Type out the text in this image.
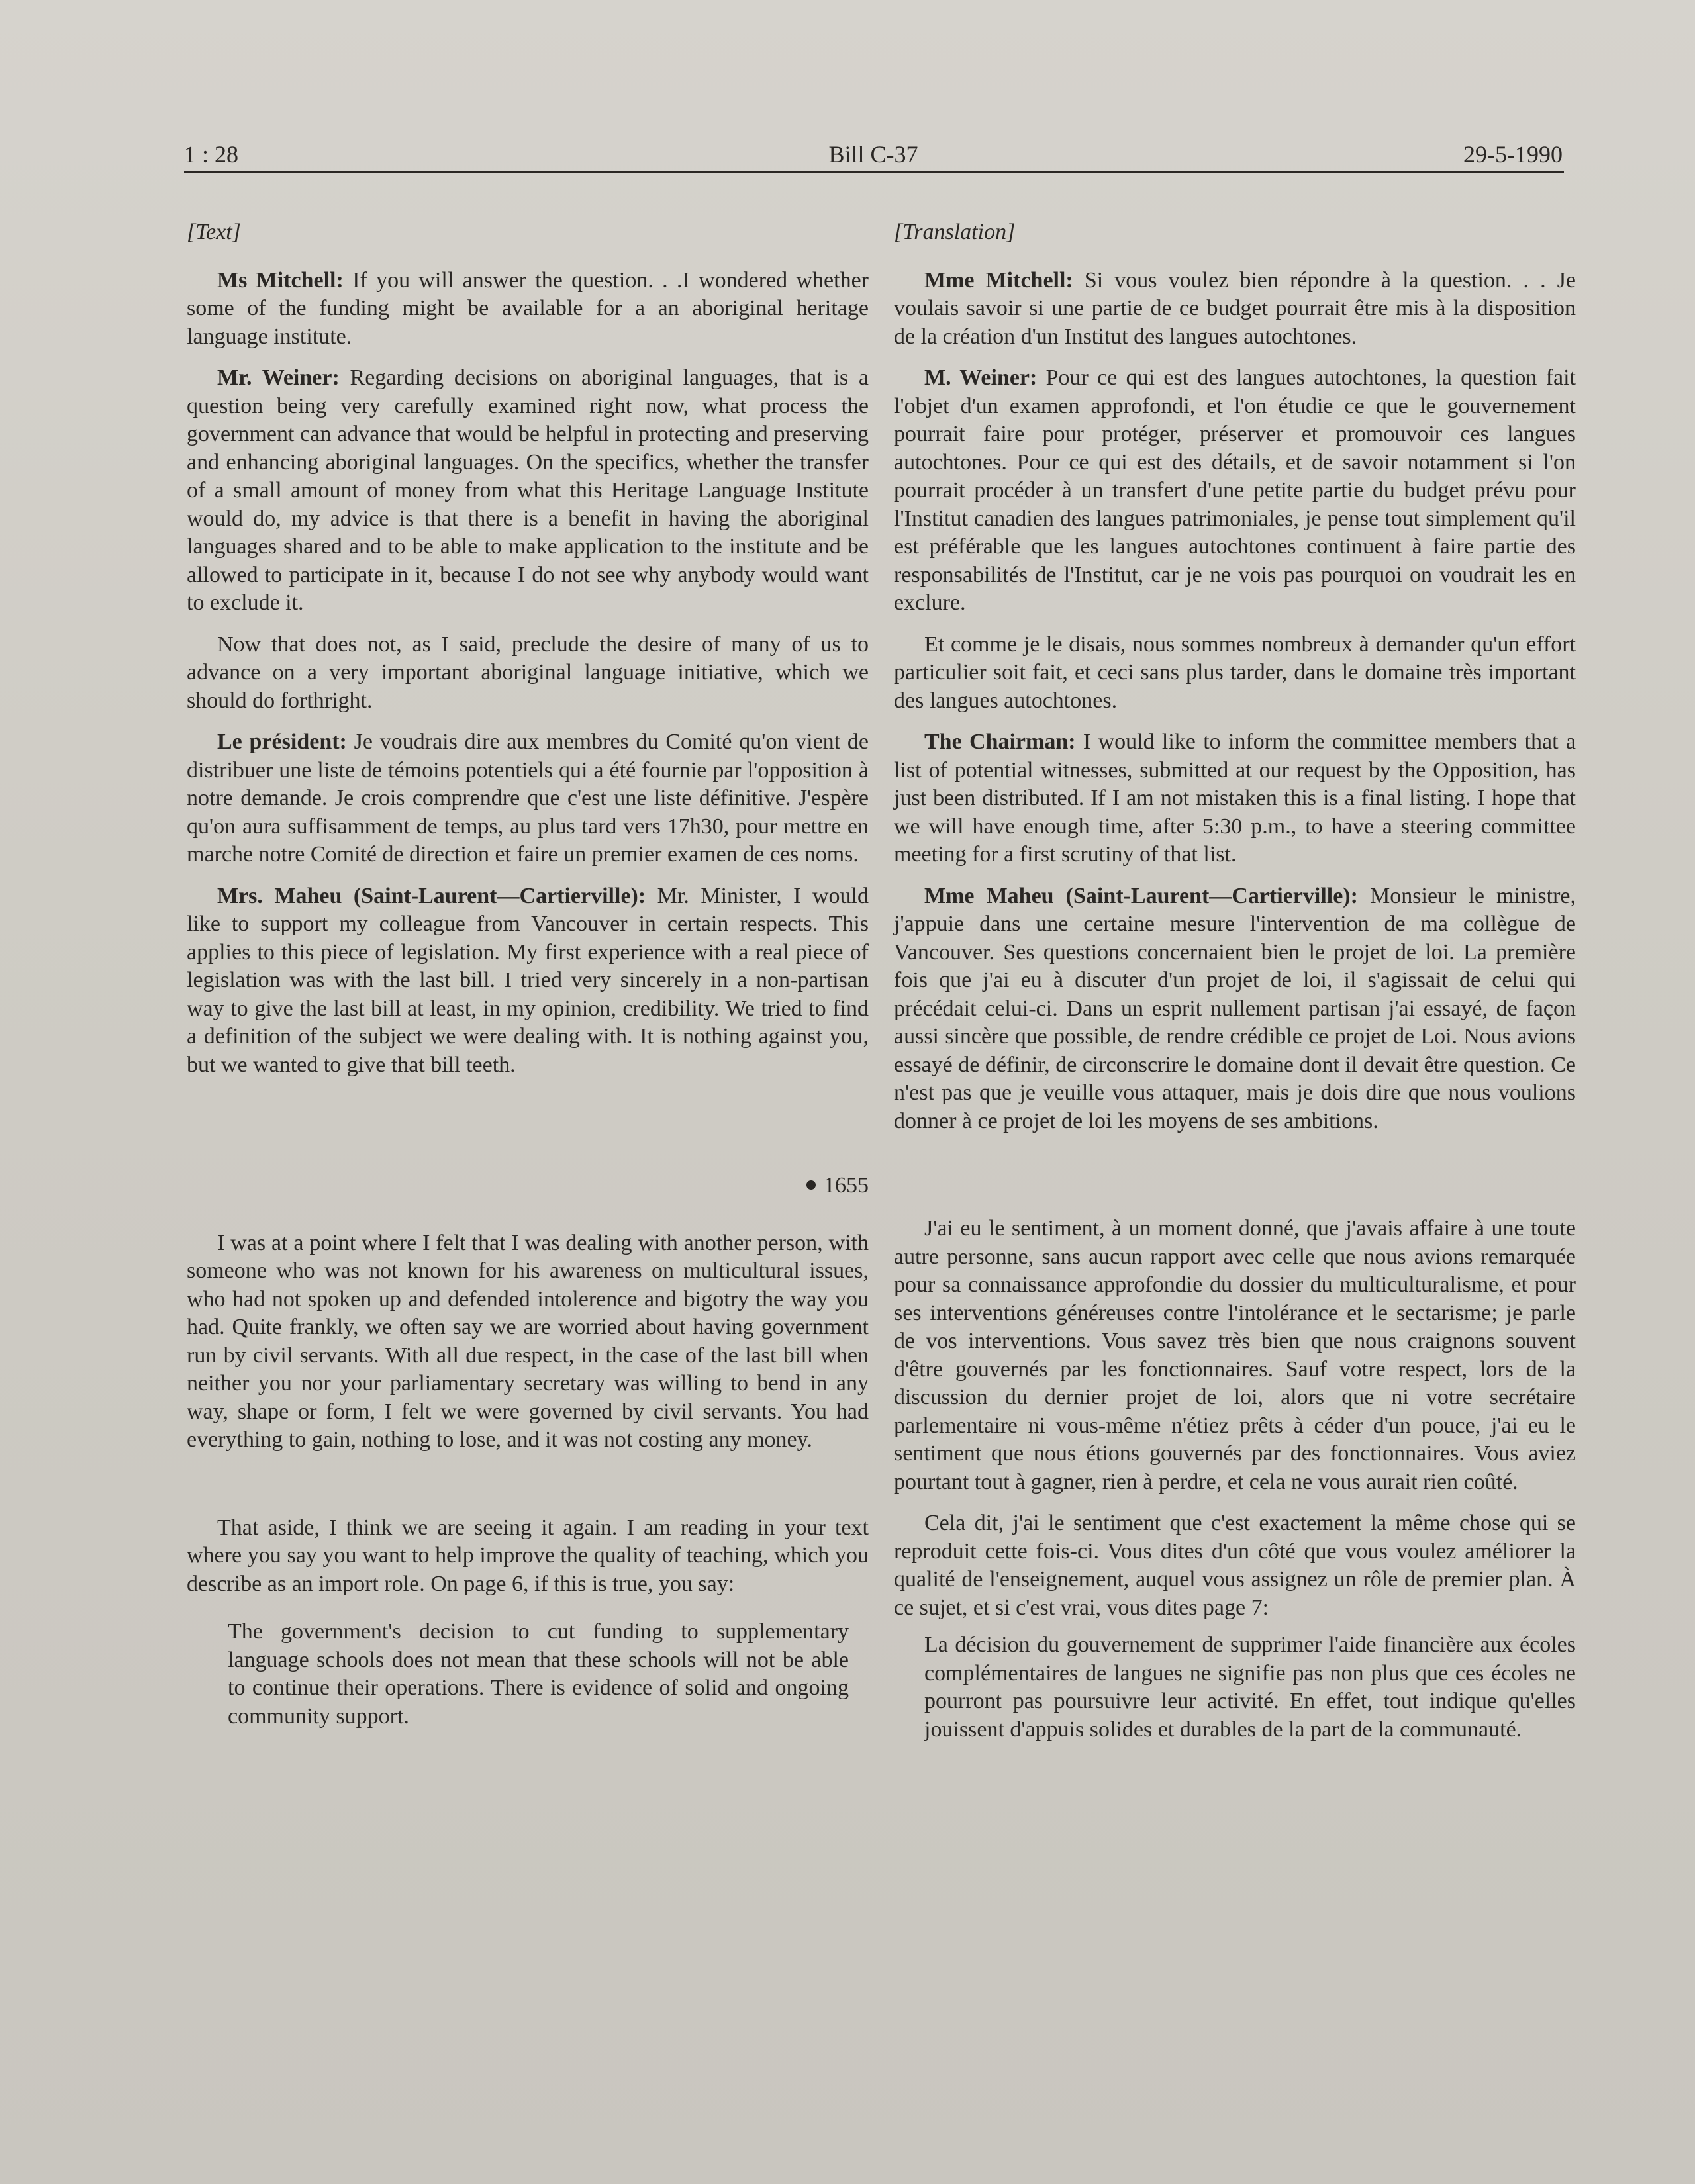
1 : 28	Bill C-37	29-5-1990

[Text]

Ms Mitchell: If you will answer the question. . .I wondered whether some of the funding might be available for a an aboriginal heritage language institute.

Mr. Weiner: Regarding decisions on aboriginal languages, that is a question being very carefully examined right now, what process the government can advance that would be helpful in protecting and preserving and enhancing aboriginal languages. On the specifics, whether the transfer of a small amount of money from what this Heritage Language Institute would do, my advice is that there is a benefit in having the aboriginal languages shared and to be able to make application to the institute and be allowed to participate in it, because I do not see why anybody would want to exclude it.

Now that does not, as I said, preclude the desire of many of us to advance on a very important aboriginal language initiative, which we should do forthright.

Le président: Je voudrais dire aux membres du Comité qu'on vient de distribuer une liste de témoins potentiels qui a été fournie par l'opposition à notre demande. Je crois comprendre que c'est une liste définitive. J'espère qu'on aura suffisamment de temps, au plus tard vers 17h30, pour mettre en marche notre Comité de direction et faire un premier examen de ces noms.

Mrs. Maheu (Saint-Laurent—Cartierville): Mr. Minister, I would like to support my colleague from Vancouver in certain respects. This applies to this piece of legislation. My first experience with a real piece of legislation was with the last bill. I tried very sincerely in a non-partisan way to give the last bill at least, in my opinion, credibility. We tried to find a definition of the subject we were dealing with. It is nothing against you, but we wanted to give that bill teeth.

1655

I was at a point where I felt that I was dealing with another person, with someone who was not known for his awareness on multicultural issues, who had not spoken up and defended intolerence and bigotry the way you had. Quite frankly, we often say we are worried about having government run by civil servants. With all due respect, in the case of the last bill when neither you nor your parliamentary secretary was willing to bend in any way, shape or form, I felt we were governed by civil servants. You had everything to gain, nothing to lose, and it was not costing any money.

That aside, I think we are seeing it again. I am reading in your text where you say you want to help improve the quality of teaching, which you describe as an import role. On page 6, if this is true, you say:

The government's decision to cut funding to supplementary language schools does not mean that these schools will not be able to continue their operations. There is evidence of solid and ongoing community support.

[Translation]

Mme Mitchell: Si vous voulez bien répondre à la question. . . Je voulais savoir si une partie de ce budget pourrait être mis à la disposition de la création d'un Institut des langues autochtones.

M. Weiner: Pour ce qui est des langues autochtones, la question fait l'objet d'un examen approfondi, et l'on étudie ce que le gouvernement pourrait faire pour protéger, préserver et promouvoir ces langues autochtones. Pour ce qui est des détails, et de savoir notamment si l'on pourrait procéder à un transfert d'une petite partie du budget prévu pour l'Institut canadien des langues patrimoniales, je pense tout simplement qu'il est préférable que les langues autochtones continuent à faire partie des responsabilités de l'Institut, car je ne vois pas pourquoi on voudrait les en exclure.

Et comme je le disais, nous sommes nombreux à demander qu'un effort particulier soit fait, et ceci sans plus tarder, dans le domaine très important des langues autochtones.

The Chairman: I would like to inform the committee members that a list of potential witnesses, submitted at our request by the Opposition, has just been distributed. If I am not mistaken this is a final listing. I hope that we will have enough time, after 5:30 p.m., to have a steering committee meeting for a first scrutiny of that list.

Mme Maheu (Saint-Laurent—Cartierville): Monsieur le ministre, j'appuie dans une certaine mesure l'intervention de ma collègue de Vancouver. Ses questions concernaient bien le projet de loi. La première fois que j'ai eu à discuter d'un projet de loi, il s'agissait de celui qui précédait celui-ci. Dans un esprit nullement partisan j'ai essayé, de façon aussi sincère que possible, de rendre crédible ce projet de Loi. Nous avions essayé de définir, de circonscrire le domaine dont il devait être question. Ce n'est pas que je veuille vous attaquer, mais je dois dire que nous voulions donner à ce projet de loi les moyens de ses ambitions.

J'ai eu le sentiment, à un moment donné, que j'avais affaire à une toute autre personne, sans aucun rapport avec celle que nous avions remarquée pour sa connaissance approfondie du dossier du multiculturalisme, et pour ses interventions généreuses contre l'intolérance et le sectarisme; je parle de vos interventions. Vous savez très bien que nous craignons souvent d'être gouvernés par les fonctionnaires. Sauf votre respect, lors de la discussion du dernier projet de loi, alors que ni votre secrétaire parlementaire ni vous-même n'étiez prêts à céder d'un pouce, j'ai eu le sentiment que nous étions gouvernés par des fonctionnaires. Vous aviez pourtant tout à gagner, rien à perdre, et cela ne vous aurait rien coûté.

Cela dit, j'ai le sentiment que c'est exactement la même chose qui se reproduit cette fois-ci. Vous dites d'un côté que vous voulez améliorer la qualité de l'enseignement, auquel vous assignez un rôle de premier plan. À ce sujet, et si c'est vrai, vous dites page 7:

La décision du gouvernement de supprimer l'aide financière aux écoles complémentaires de langues ne signifie pas non plus que ces écoles ne pourront pas poursuivre leur activité. En effet, tout indique qu'elles jouissent d'appuis solides et durables de la part de la communauté.
